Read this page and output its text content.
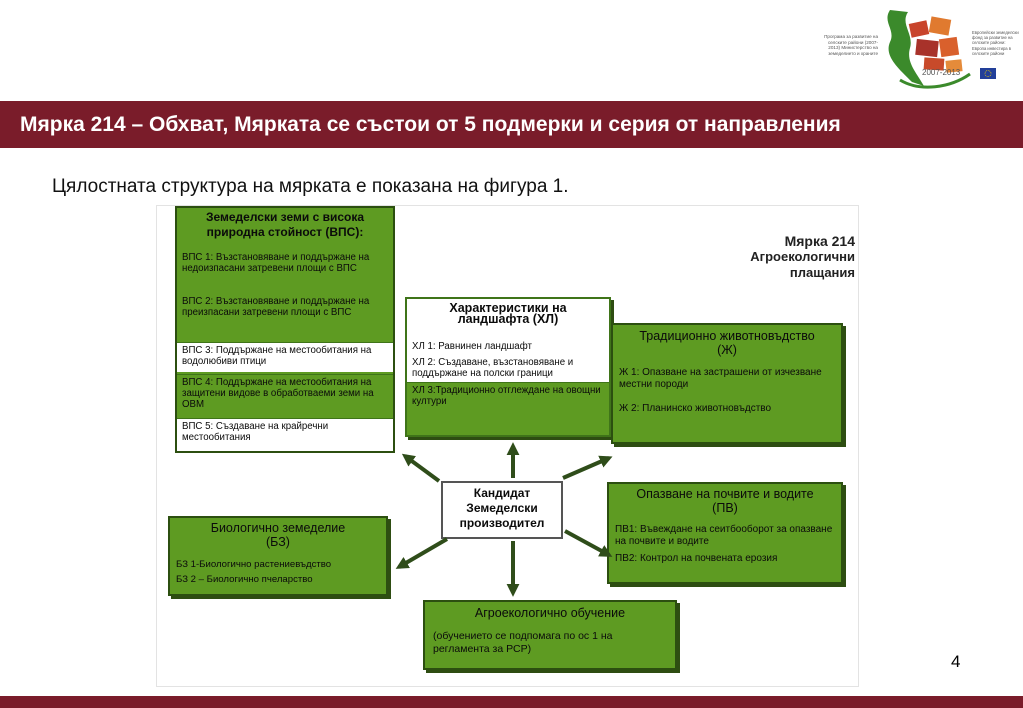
Програма за развитие на селските райони (2007-2013) Министерство на земеделието и храните
Европейски земеделски фонд за развитие на селските райони: Европа инвестира в селските райони
2007-2013
Мярка 214 – Обхват, Мярката се състои от 5 подмерки и серия от направления
Цялостната структура на мярката е показана на фигура 1.
Мярка 214
Агроекологични плащания
Земеделски земи с висока природна стойност (ВПС):
ВПС 1: Възстановяване и поддържане на недоизпасани затревени площи с ВПС
ВПС 2: Възстановяване и поддържане на преизпасани затревени площи с ВПС
ВПС 3: Поддържане на местообитания на водолюбиви птици
ВПС 4: Поддържане на местообитания на защитени видове в обработваеми земи на ОВМ
ВПС 5: Създаване на крайречни местообитания
Характеристики на ландшафта (ХЛ)
ХЛ 1: Равнинен ландшафт
ХЛ 2: Създаване, възстановяване и поддържане на полски граници
ХЛ 3:Традиционно отглеждане на овощни култури
Традиционно животновъдство (Ж)
Ж 1: Опазване на застрашени от изчезване местни породи
Ж 2: Планинско животновъдство
Кандидат Земеделски производител
Опазване на почвите и водите (ПВ)
ПВ1: Въвеждане на сеитбооборот за опазване на почвите и водите
ПВ2: Контрол на почвената ерозия
Биологично земеделие (БЗ)
БЗ 1-Биологично растениевъдство
БЗ 2 – Биологично пчеларство
Агроекологично обучение
(обучението се подпомага по ос 1 на регламента за РСР)
4
